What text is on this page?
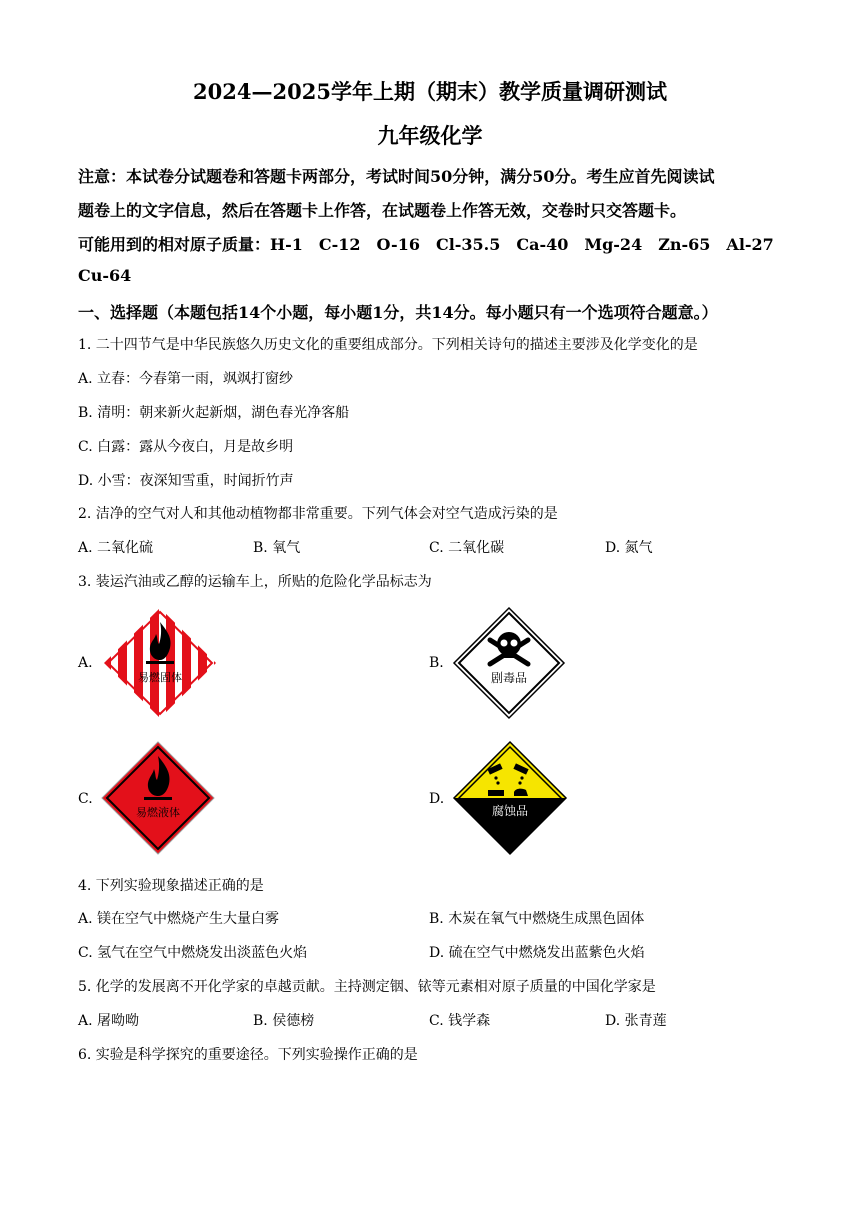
2024—2025学年上期（期末）教学质量调研测试
九年级化学
注意：本试卷分试题卷和答题卡两部分，考试时间50分钟，满分50分。考生应首先阅读试
题卷上的文字信息，然后在答题卡上作答，在试题卷上作答无效，交卷时只交答题卡。
可能用到的相对原子质量：H-1　C-12　O-16　Cl-35.5　Ca-40　Mg-24　Zn-65　Al-27
Cu-64
一、选择题（本题包括14个小题，每小题1分，共14分。每小题只有一个选项符合题意。）
1. 二十四节气是中华民族悠久历史文化的重要组成部分。下列相关诗句的描述主要涉及化学变化的是
A. 立春：今春第一雨，飒飒打窗纱
B. 清明：朝来新火起新烟，湖色春光净客船
C. 白露：露从今夜白，月是故乡明
D. 小雪：夜深知雪重，时闻折竹声
2. 洁净的空气对人和其他动植物都非常重要。下列气体会对空气造成污染的是
A. 二氧化硫	B. 氧气	C. 二氧化碳	D. 氮气
3. 装运汽油或乙醇的运输车上，所贴的危险化学品标志为
A.	B.
C.	D.
易燃固体	剧毒品
易燃液体	腐蚀品
4. 下列实验现象描述正确的是
A. 镁在空气中燃烧产生大量白雾	B. 木炭在氧气中燃烧生成黑色固体
C. 氢气在空气中燃烧发出淡蓝色火焰	D. 硫在空气中燃烧发出蓝紫色火焰
5. 化学的发展离不开化学家的卓越贡献。主持测定铟、铱等元素相对原子质量的中国化学家是
A. 屠呦呦	B. 侯德榜	C. 钱学森	D. 张青莲
6. 实验是科学探究的重要途径。下列实验操作正确的是
